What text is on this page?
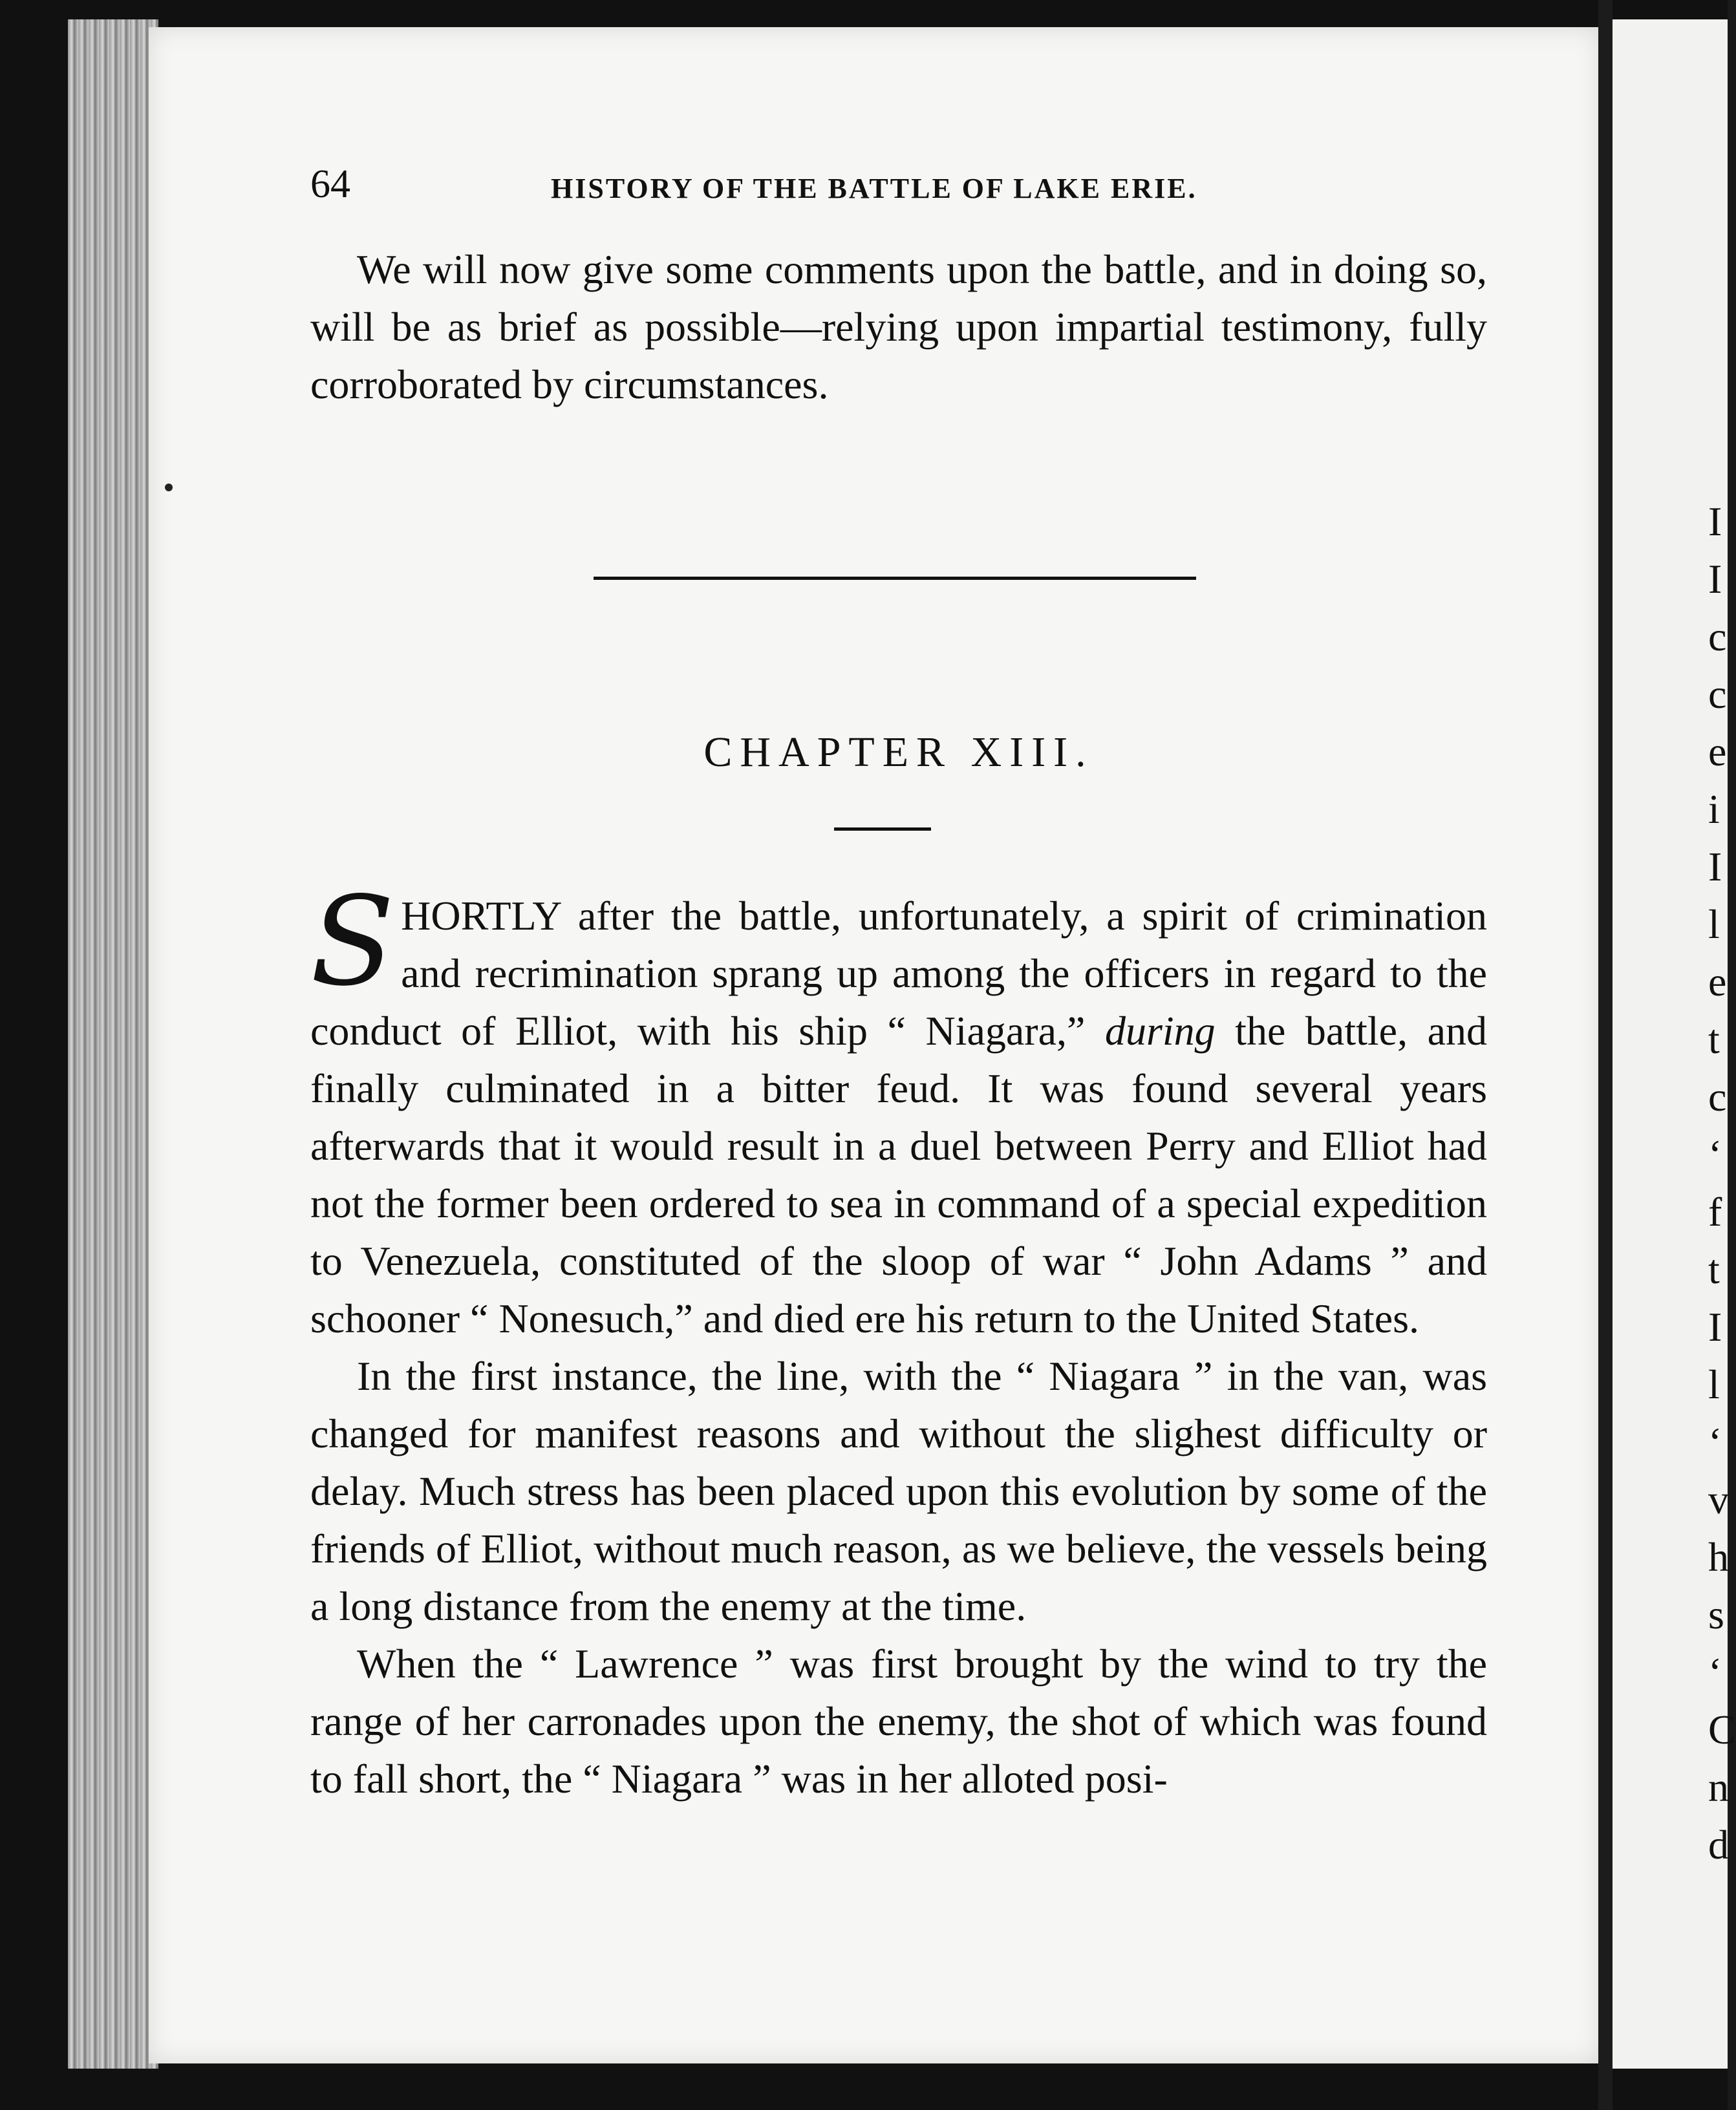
64	HISTORY OF THE BATTLE OF LAKE ERIE.

We will now give some comments upon the battle, and in doing so, will be as brief as possible—relying upon impartial testimony, fully corroborated by circumstances.

CHAPTER XIII.

SHORTLY after the battle, unfortunately, a spirit of crimination and recrimination sprang up among the officers in regard to the conduct of Elliot, with his ship “ Niagara,” during the battle, and finally culminated in a bitter feud. It was found several years afterwards that it would result in a duel between Perry and Elliot had not the former been ordered to sea in command of a special expedition to Venezuela, constituted of the sloop of war “ John Adams ” and schooner “ Nonesuch,” and died ere his return to the United States.

In the first instance, the line, with the “ Niagara ” in the van, was changed for manifest reasons and without the slighest difficulty or delay. Much stress has been placed upon this evolution by some of the friends of Elliot, without much reason, as we believe, the vessels being a long distance from the enemy at the time.

When the “ Lawrence ” was first brought by the wind to try the range of her carronades upon the enemy, the shot of which was found to fall short, the “ Niagara ” was in her alloted posi-

I
I
c
c
e
i
I
l
e
t
c
‘
f
t
I
l
‘
v
h
s
‘
C
n
d
